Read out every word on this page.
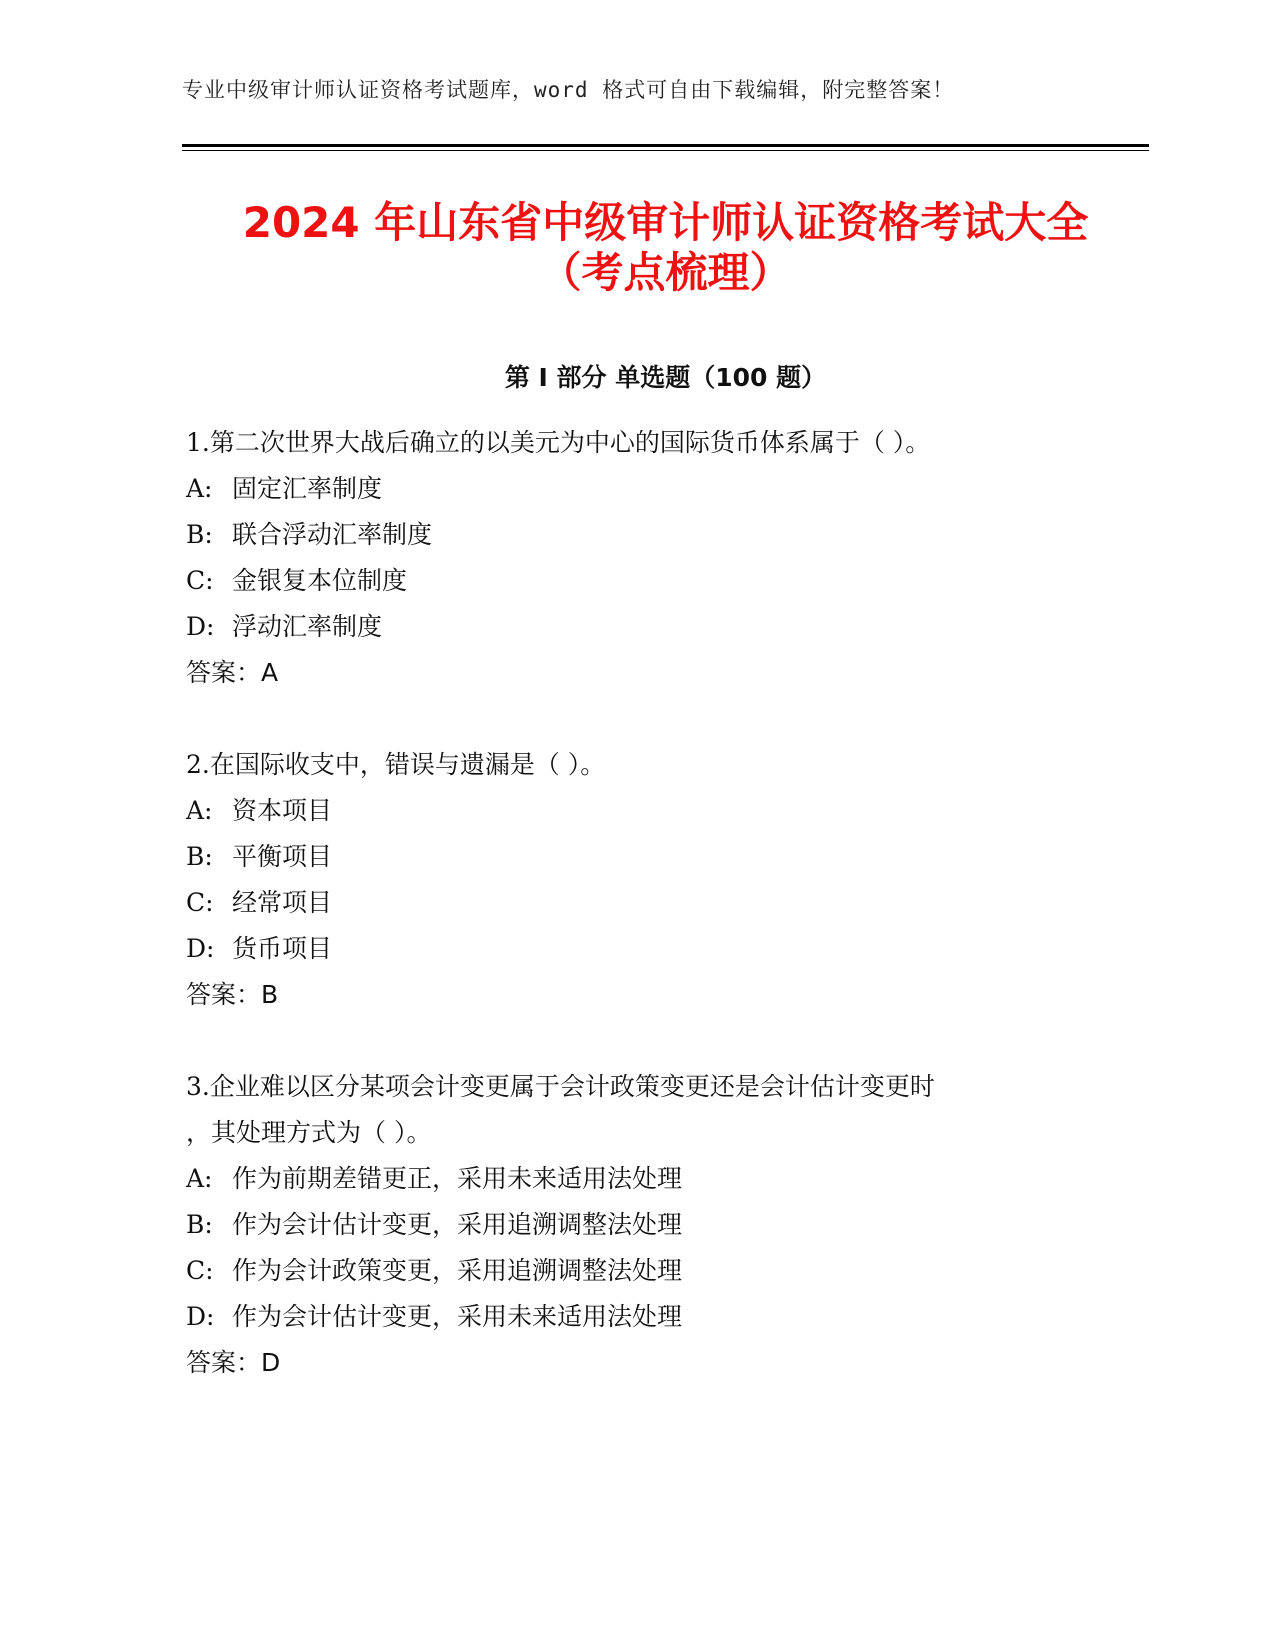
专业中级审计师认证资格考试题库，word 格式可自由下载编辑，附完整答案！
2024 年山东省中级审计师认证资格考试大全
（考点梳理）
第 I 部分 单选题（100 题）
1.第二次世界大战后确立的以美元为中心的国际货币体系属于（ ）。
A: 固定汇率制度
B: 联合浮动汇率制度
C: 金银复本位制度
D: 浮动汇率制度
答案：A
2.在国际收支中，错误与遗漏是（ ）。
A: 资本项目
B: 平衡项目
C: 经常项目
D: 货币项目
答案：B
3.企业难以区分某项会计变更属于会计政策变更还是会计估计变更时
，其处理方式为（ ）。
A: 作为前期差错更正，采用未来适用法处理
B: 作为会计估计变更，采用追溯调整法处理
C: 作为会计政策变更，采用追溯调整法处理
D: 作为会计估计变更，采用未来适用法处理
答案：D
